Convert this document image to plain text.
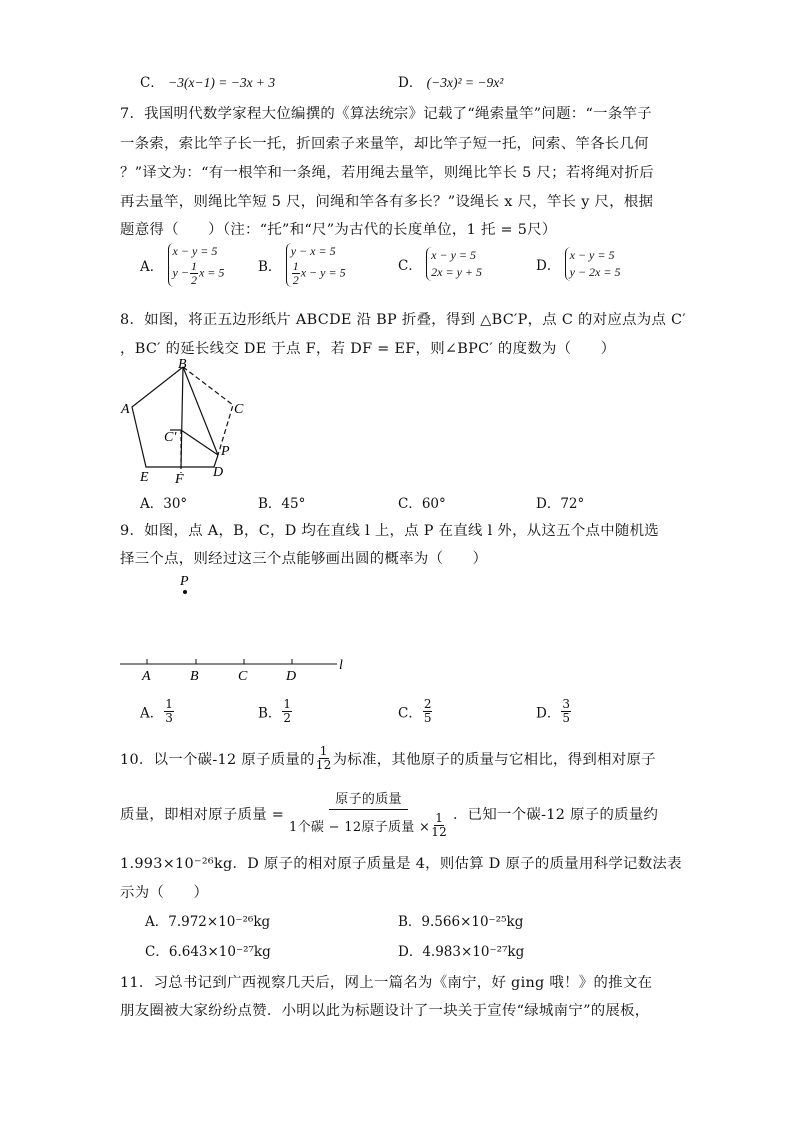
C． −3(x−1) = −3x + 3	D． (−3x)² = −9x²
7．我国明代数学家程大位编撰的《算法统宗》记载了“绳索量竿”问题：“一条竿子
一条索，索比竿子长一托，折回索子来量竿，却比竿子短一托，问索、竿各长几何
？”译文为：“有一根竿和一条绳，若用绳去量竿，则绳比竿长 5 尺；若将绳对折后
再去量竿，则绳比竿短 5 尺，问绳和竿各有多长？”设绳长 x 尺，竿长 y 尺，根据
题意得（　　）（注：“托”和“尺”为古代的长度单位，1 托 = 5尺）
A．
x − y = 5
$y - \frac{1}{2}$ x = 5 B．
y − x = 5
$\frac{1}{2}$ x − y = 5	C．
x − y = 5
2x = y + 5	D．
x − y = 5
y − 2x = 5
8．如图，将正五边形纸片 ABCDE 沿 BP 折叠，得到 △BC′P，点 C 的对应点为点 C′
，BC′ 的延长线交 DE 于点 F，若 DF = EF，则∠BPC′ 的度数为（　　）
B
A	C
C′
P
D
E F
A．30°	B．45°	C．60°	D．72°
9．如图，点 A，B，C，D 均在直线 l 上，点 P 在直线 l 外，从这五个点中随机选
择三个点，则经过这三个点能够画出圆的概率为（　　）
P
A	B	C	D
l
A． $\frac{1}{3}$	B． $\frac{1}{2}$	C． $\frac{2}{5}$	D． $\frac{3}{5}$
10．以一个碳-12 原子质量的 $\frac{1}{12}$ 为标准，其他原子的质量与它相比，得到相对原子
质量，即相对原子质量 =
原子的质量
1个碳 − 12原子质量 × $\frac{1}{12}$ ．已知一个碳-12 原子的质量约
1.993×10⁻²⁶kg．D 原子的相对原子质量是 4，则估算 D 原子的质量用科学记数法表
示为（　　）
A．7.972×10⁻²⁶kg	B．9.566×10⁻²⁵kg
C．6.643×10⁻²⁷kg	D．4.983×10⁻²⁷kg
11．习总书记到广西视察几天后，网上一篇名为《南宁，好 ging 哦！》的推文在
朋友圈被大家纷纷点赞．小明以此为标题设计了一块关于宣传“绿城南宁”的展板，
